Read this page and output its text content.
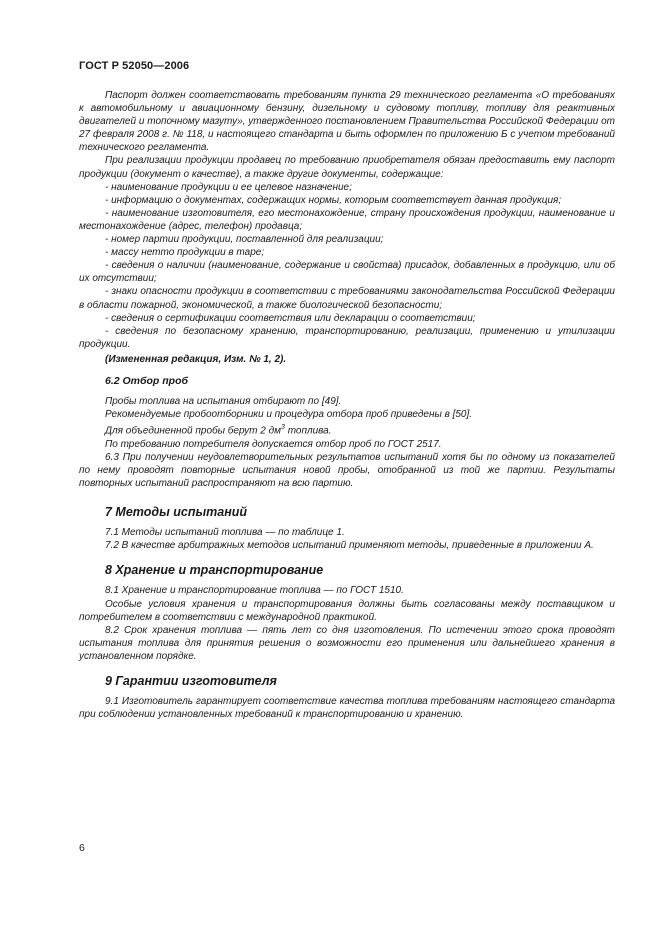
ГОСТ Р 52050—2006

Паспорт должен соответствовать требованиям пункта 29 технического регламента «О требованиях к автомобильному и авиационному бензину, дизельному и судовому топливу, топливу для реактивных двигателей и топочному мазуту», утвержденного постановлением Правительства Российской Федерации от 27 февраля 2008 г. № 118, и настоящего стандарта и быть оформлен по приложению Б с учетом требований технического регламента.

При реализации продукции продавец по требованию приобретателя обязан предоставить ему паспорт продукции (документ о качестве), а также другие документы, содержащие:

- наименование продукции и ее целевое назначение;

- информацию о документах, содержащих нормы, которым соответствует данная продукция;

- наименование изготовителя, его местонахождение, страну происхождения продукции, наименование и местонахождение (адрес, телефон) продавца;

- номер партии продукции, поставленной для реализации;

- массу нетто продукции в таре;

- сведения о наличии (наименование, содержание и свойства) присадок, добавленных в продукцию, или об их отсутствии;

- знаки опасности продукции в соответствии с требованиями законодательства Российской Федерации в области пожарной, экономической, а также биологической безопасности;

- сведения о сертификации соответствия или декларации о соответствии;

- сведения по безопасному хранению, транспортированию, реализации, применению и утилизации продукции.

(Измененная редакция, Изм. № 1, 2).

6.2 Отбор проб

Пробы топлива на испытания отбирают по [49].

Рекомендуемые пробоотборники и процедура отбора проб приведены в [50].

Для объединенной пробы берут 2 $дм^3$ топлива.

По требованию потребителя допускается отбор проб по ГОСТ 2517.

6.3 При получении неудовлетворительных результатов испытаний хотя бы по одному из показателей по нему проводят повторные испытания новой пробы, отобранной из той же партии. Результаты повторных испытаний распространяют на всю партию.

7 Методы испытаний

7.1 Методы испытаний топлива — по таблице 1.

7.2 В качестве арбитражных методов испытаний применяют методы, приведенные в приложении А.

8 Хранение и транспортирование

8.1 Хранение и транспортирование топлива — по ГОСТ 1510.

Особые условия хранения и транспортирования должны быть согласованы между поставщиком и потребителем в соответствии с международной практикой.

8.2 Срок хранения топлива — пять лет со дня изготовления. По истечении этого срока проводят испытания топлива для принятия решения о возможности его применения или дальнейшего хранения в установленном порядке.

9 Гарантии изготовителя

9.1 Изготовитель гарантирует соответствие качества топлива требованиям настоящего стандарта при соблюдении установленных требований к транспортированию и хранению.

6
